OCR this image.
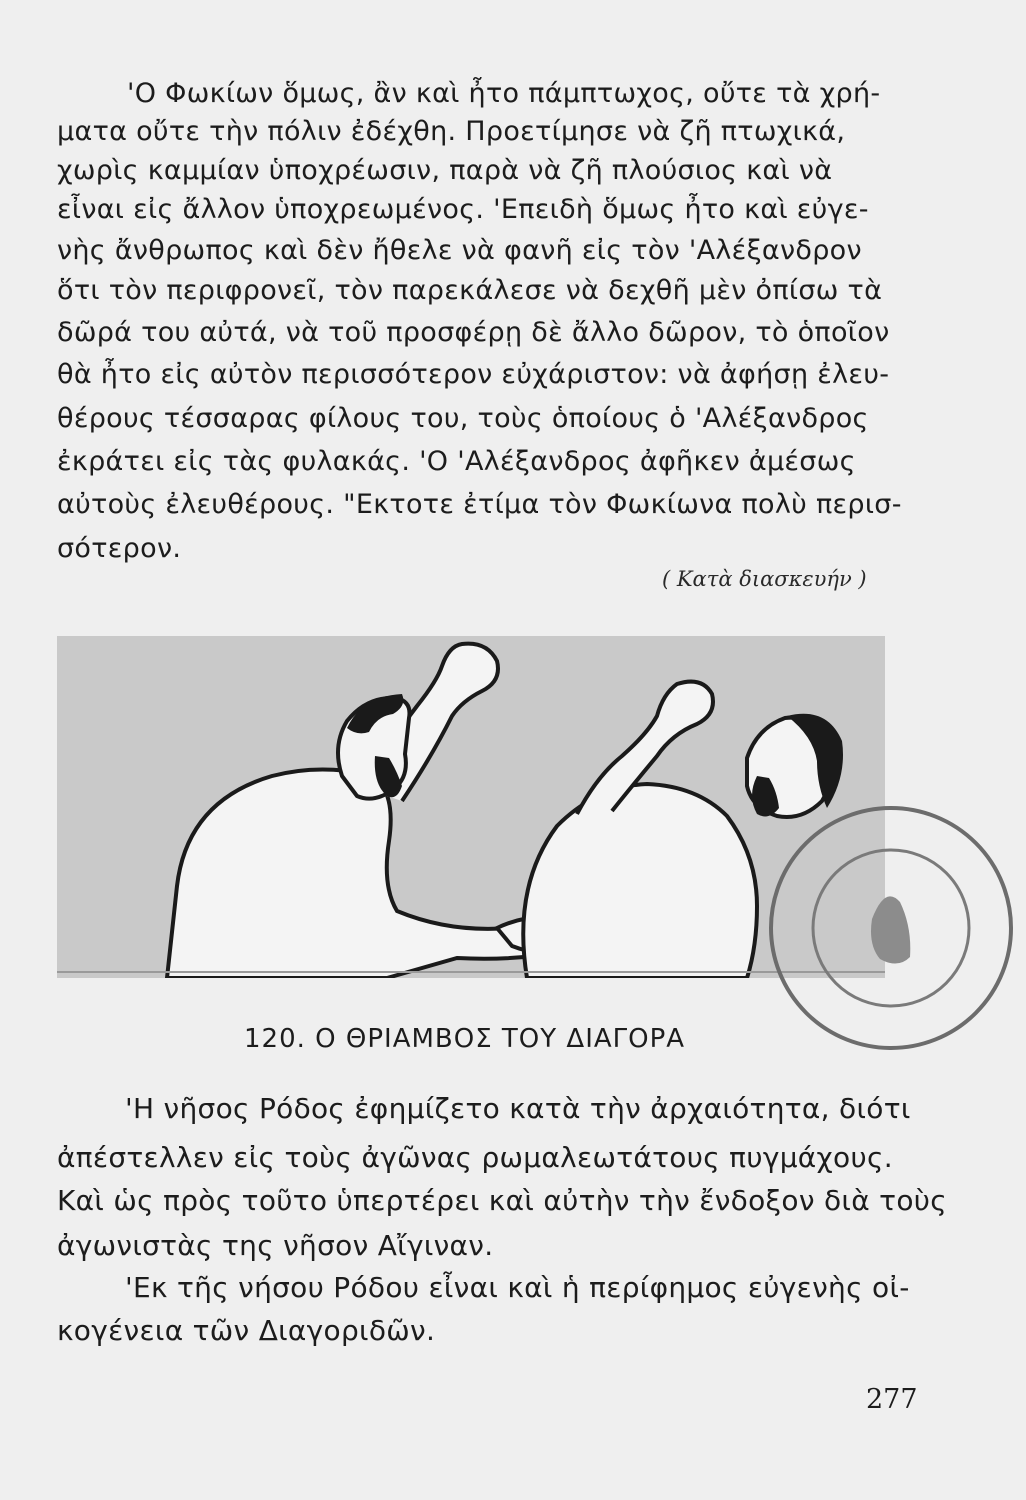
'Ο Φωκίων ὅμως, ἂν καὶ ἦτο πάμπτωχος, οὔτε τὰ χρή-
ματα οὔτε τὴν πόλιν ἐδέχθη. Προετίμησε νὰ ζῆ πτωχικά,
χωρὶς καμμίαν ὑποχρέωσιν, παρὰ νὰ ζῆ πλούσιος καὶ νὰ
εἶναι εἰς ἄλλον ὑποχρεωμένος. 'Επειδὴ ὅμως ἦτο καὶ εὐγε-
νὴς ἄνθρωπος καὶ δὲν ἤθελε νὰ φανῆ εἰς τὸν 'Αλέξανδρον
ὅτι τὸν περιφρονεῖ, τὸν παρεκάλεσε νὰ δεχθῆ μὲν ὀπίσω τὰ
δῶρά του αὐτά, νὰ τοῦ προσφέρῃ δὲ ἄλλο δῶρον, τὸ ὁποῖον
θὰ ἦτο εἰς αὐτὸν περισσότερον εὐχάριστον: νὰ ἀφήσῃ ἐλευ-
θέρους τέσσαρας φίλους του, τοὺς ὁποίους ὁ 'Αλέξανδρος
ἐκράτει εἰς τὰς φυλακάς. 'Ο 'Αλέξανδρος ἀφῆκεν ἀμέσως
αὐτοὺς ἐλευθέρους. "Εκτοτε ἐτίμα τὸν Φωκίωνα πολὺ περισ-
σότερον.
( Κατὰ διασκευήν )
120. Ο ΘΡΙΑΜΒΟΣ ΤΟΥ ΔΙΑΓΟΡΑ
'Η νῆσος Ρόδος ἐφημίζετο κατὰ τὴν ἀρχαιότητα, διότι
ἀπέστελλεν εἰς τοὺς ἀγῶνας ρωμαλεωτάτους πυγμάχους.
Καὶ ὡς πρὸς τοῦτο ὑπερτέρει καὶ αὐτὴν τὴν ἔνδοξον διὰ τοὺς
ἀγωνιστὰς της νῆσον Αἴγιναν.
'Εκ τῆς νήσου Ρόδου εἶναι καὶ ἡ περίφημος εὐγενὴς οἰ-
κογένεια τῶν Διαγοριδῶν.
277
